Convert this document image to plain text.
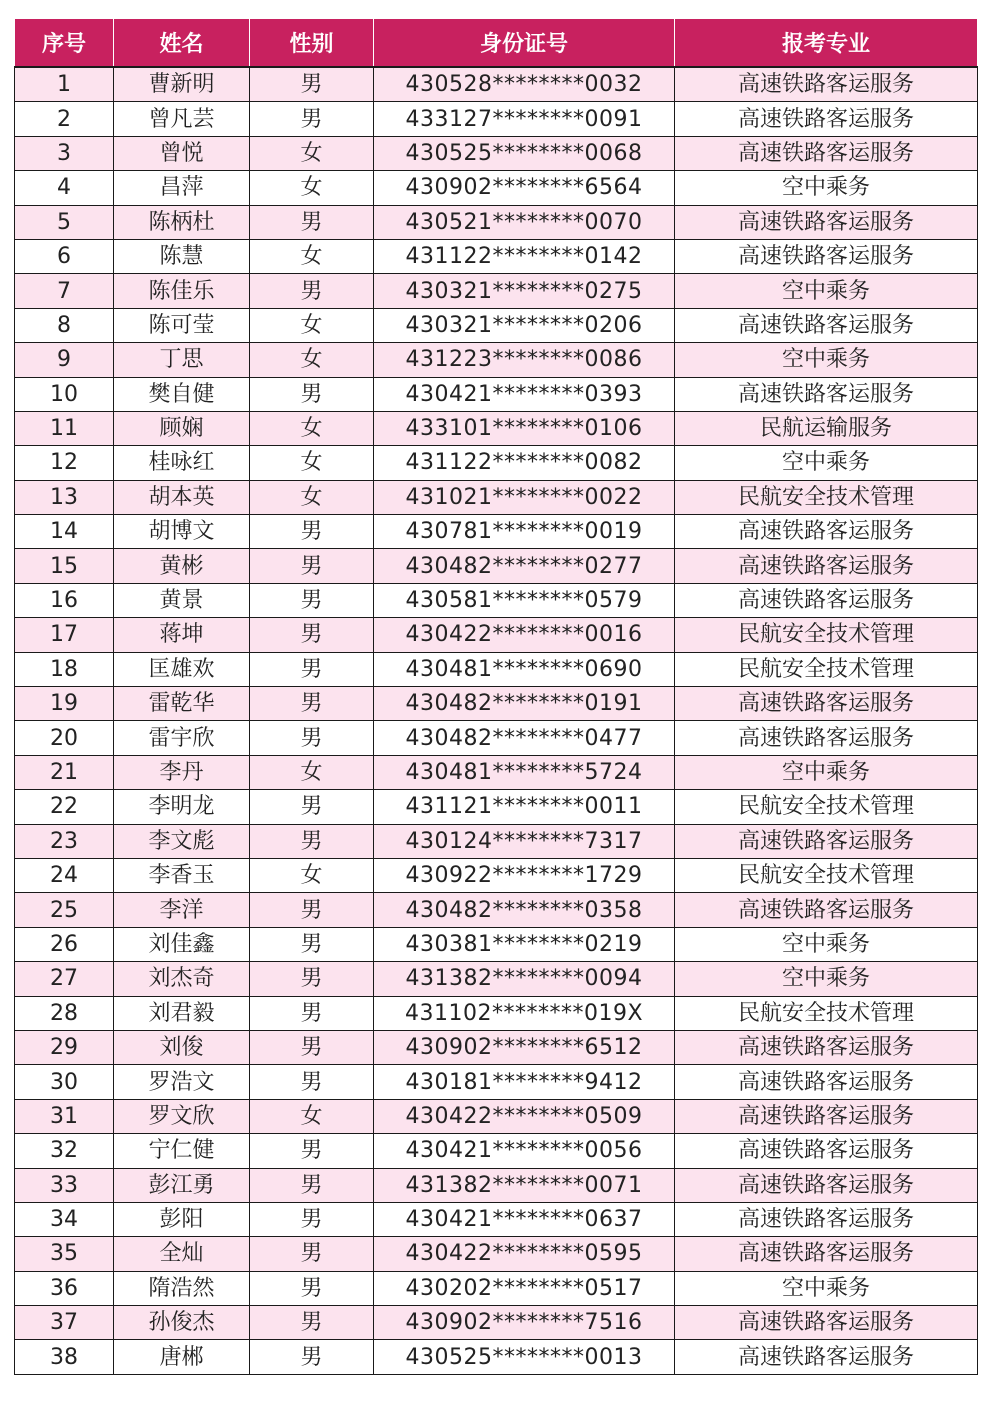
序号	姓名	性别	身份证号	报考专业
1	曹新明	男	430528********0032	高速铁路客运服务
2	曾凡芸	男	433127********0091	高速铁路客运服务
3	曾悦	女	430525********0068	高速铁路客运服务
4	昌萍	女	430902********6564	空中乘务
5	陈柄杜	男	430521********0070	高速铁路客运服务
6	陈慧	女	431122********0142	高速铁路客运服务
7	陈佳乐	男	430321********0275	空中乘务
8	陈可莹	女	430321********0206	高速铁路客运服务
9	丁思	女	431223********0086	空中乘务
10	樊自健	男	430421********0393	高速铁路客运服务
11	顾娴	女	433101********0106	民航运输服务
12	桂咏红	女	431122********0082	空中乘务
13	胡本英	女	431021********0022	民航安全技术管理
14	胡博文	男	430781********0019	高速铁路客运服务
15	黄彬	男	430482********0277	高速铁路客运服务
16	黄景	男	430581********0579	高速铁路客运服务
17	蒋坤	男	430422********0016	民航安全技术管理
18	匡雄欢	男	430481********0690	民航安全技术管理
19	雷乾华	男	430482********0191	高速铁路客运服务
20	雷宇欣	男	430482********0477	高速铁路客运服务
21	李丹	女	430481********5724	空中乘务
22	李明龙	男	431121********0011	民航安全技术管理
23	李文彪	男	430124********7317	高速铁路客运服务
24	李香玉	女	430922********1729	民航安全技术管理
25	李洋	男	430482********0358	高速铁路客运服务
26	刘佳鑫	男	430381********0219	空中乘务
27	刘杰奇	男	431382********0094	空中乘务
28	刘君毅	男	431102********019X	民航安全技术管理
29	刘俊	男	430902********6512	高速铁路客运服务
30	罗浩文	男	430181********9412	高速铁路客运服务
31	罗文欣	女	430422********0509	高速铁路客运服务
32	宁仁健	男	430421********0056	高速铁路客运服务
33	彭江勇	男	431382********0071	高速铁路客运服务
34	彭阳	男	430421********0637	高速铁路客运服务
35	全灿	男	430422********0595	高速铁路客运服务
36	隋浩然	男	430202********0517	空中乘务
37	孙俊杰	男	430902********7516	高速铁路客运服务
38	唐郴	男	430525********0013	高速铁路客运服务
